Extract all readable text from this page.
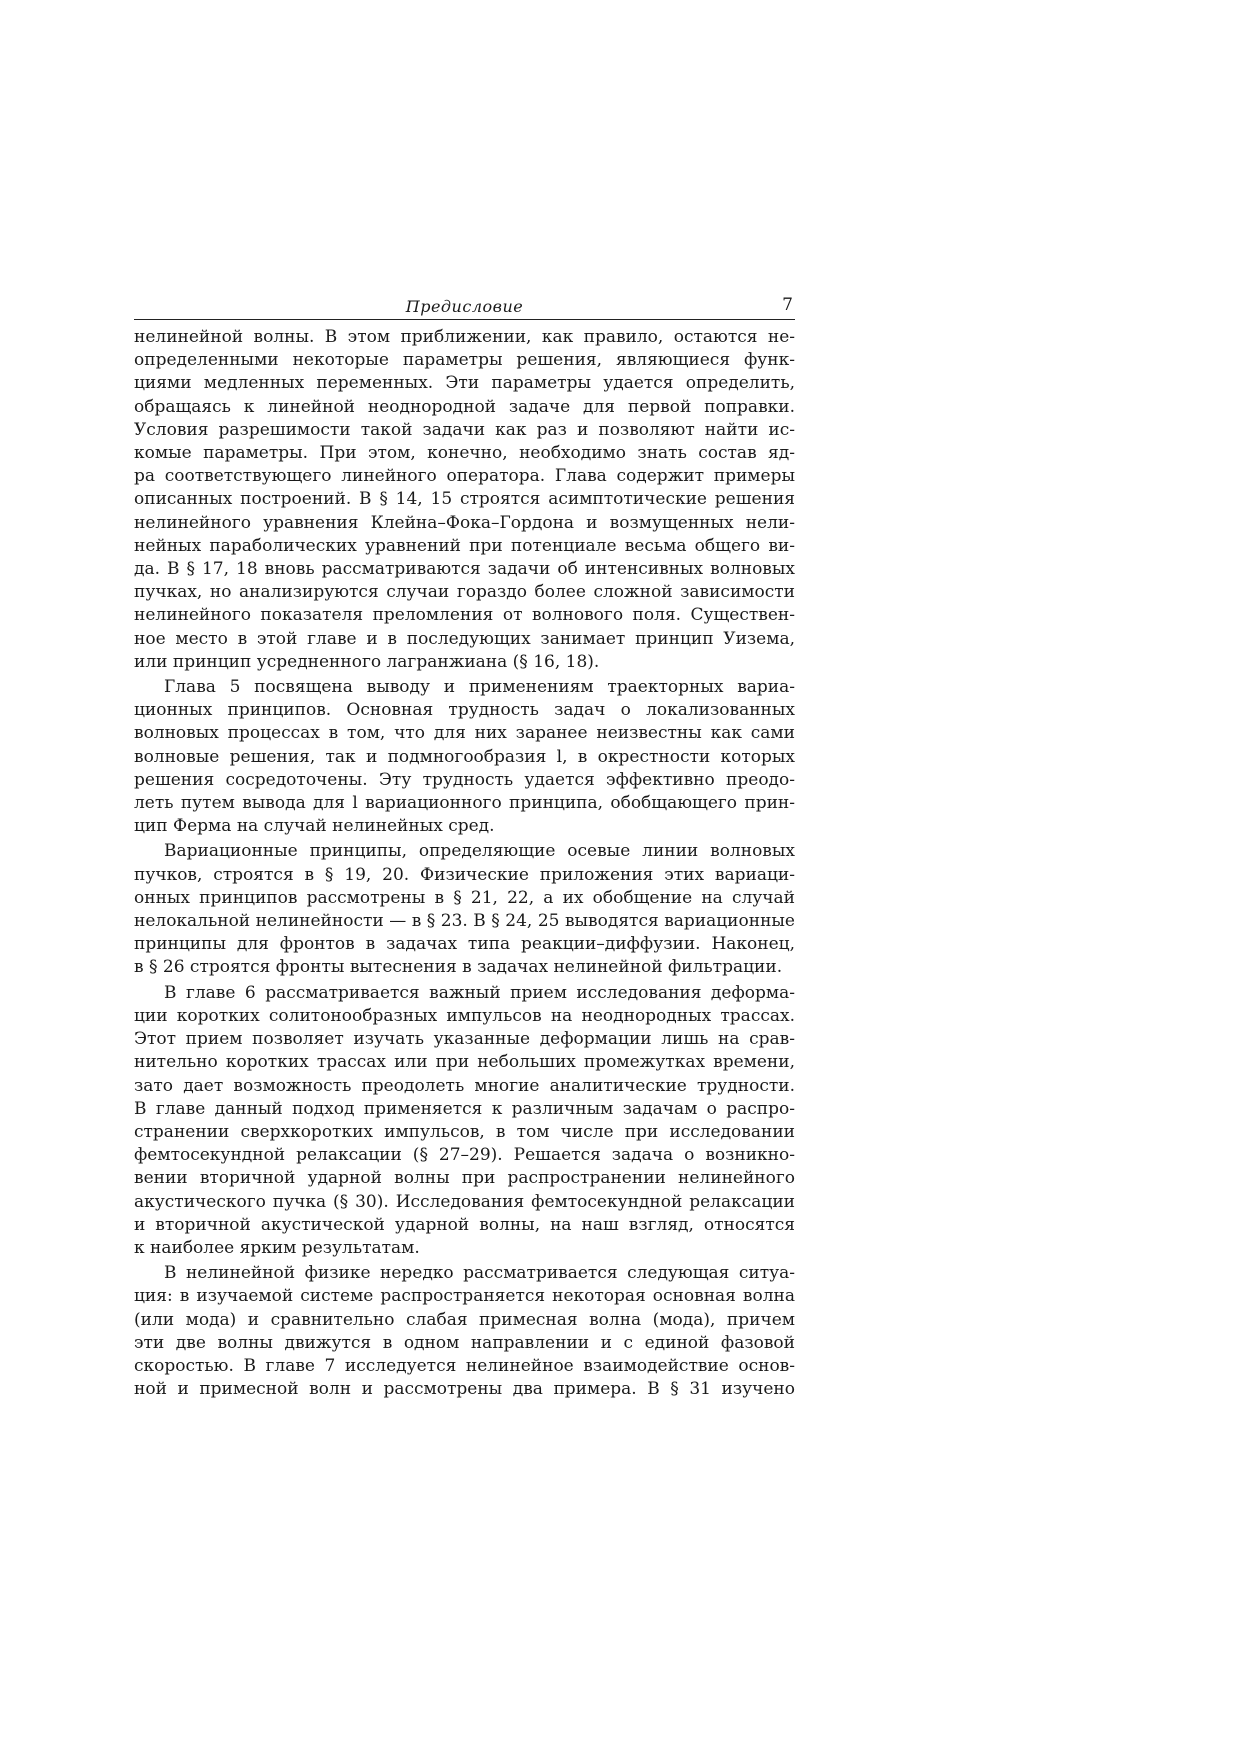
Предисловие	7
нелинейной волны. В этом приближении, как правило, остаются не-
определенными некоторые параметры решения, являющиеся функ-
циями медленных переменных. Эти параметры удается определить,
обращаясь к линейной неоднородной задаче для первой поправки.
Условия разрешимости такой задачи как раз и позволяют найти ис-
комые параметры. При этом, конечно, необходимо знать состав яд-
ра соответствующего линейного оператора. Глава содержит примеры
описанных построений. В § 14, 15 строятся асимптотические решения
нелинейного уравнения Клейна–Фока–Гордона и возмущенных нели-
нейных параболических уравнений при потенциале весьма общего ви-
да. В § 17, 18 вновь рассматриваются задачи об интенсивных волновых
пучках, но анализируются случаи гораздо более сложной зависимости
нелинейного показателя преломления от волнового поля. Существен-
ное место в этой главе и в последующих занимает принцип Уизема,
или принцип усредненного лагранжиана (§ 16, 18).
Глава 5 посвящена выводу и применениям траекторных вариа-
ционных принципов. Основная трудность задач о локализованных
волновых процессах в том, что для них заранее неизвестны как сами
волновые решения, так и подмногообразия l, в окрестности которых
решения сосредоточены. Эту трудность удается эффективно преодо-
леть путем вывода для l вариационного принципа, обобщающего прин-
цип Ферма на случай нелинейных сред.
Вариационные принципы, определяющие осевые линии волновых
пучков, строятся в § 19, 20. Физические приложения этих вариаци-
онных принципов рассмотрены в § 21, 22, а их обобщение на случай
нелокальной нелинейности — в § 23. В § 24, 25 выводятся вариационные
принципы для фронтов в задачах типа реакции–диффузии. Наконец,
в § 26 строятся фронты вытеснения в задачах нелинейной фильтрации.
В главе 6 рассматривается важный прием исследования деформа-
ции коротких солитонообразных импульсов на неоднородных трассах.
Этот прием позволяет изучать указанные деформации лишь на срав-
нительно коротких трассах или при небольших промежутках времени,
зато дает возможность преодолеть многие аналитические трудности.
В главе данный подход применяется к различным задачам о распро-
странении сверхкоротких импульсов, в том числе при исследовании
фемтосекундной релаксации (§ 27–29). Решается задача о возникно-
вении вторичной ударной волны при распространении нелинейного
акустического пучка (§ 30). Исследования фемтосекундной релаксации
и вторичной акустической ударной волны, на наш взгляд, относятся
к наиболее ярким результатам.
В нелинейной физике нередко рассматривается следующая ситуа-
ция: в изучаемой системе распространяется некоторая основная волна
(или мода) и сравнительно слабая примесная волна (мода), причем
эти две волны движутся в одном направлении и с единой фазовой
скоростью. В главе 7 исследуется нелинейное взаимодействие основ-
ной и примесной волн и рассмотрены два примера. В § 31 изучено
